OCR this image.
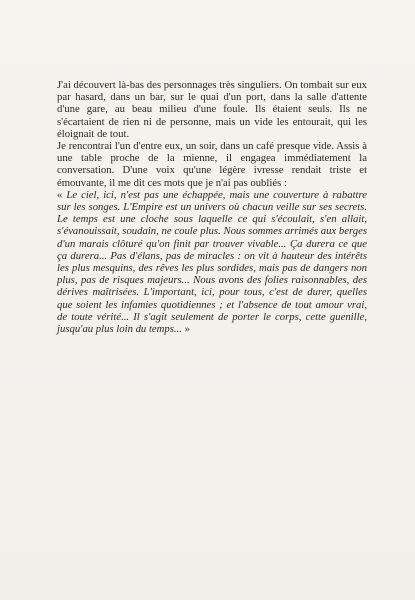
J'ai découvert là-bas des personnages très singuliers. On tombait sur eux par hasard, dans un bar, sur le quai d'un port, dans la salle d'attente d'une gare, au beau milieu d'une foule. Ils étaient seuls. Ils ne s'écartaient de rien ni de personne, mais un vide les entourait, qui les éloignait de tout.

Je rencontrai l'un d'entre eux, un soir, dans un café presque vide. Assis à une table proche de la mienne, il engagea immédiatement la conversation. D'une voix qu'une légère ivresse rendait triste et émouvante, il me dit ces mots que je n'ai pas oubliés :

« Le ciel, ici, n'est pas une échappée, mais une couverture à rabattre sur les songes. L'Empire est un univers où chacun veille sur ses secrets. Le temps est une cloche sous laquelle ce qui s'écoulait, s'en allait, s'évanouissait, soudain, ne coule plus. Nous sommes arrimés aux berges d'un marais clôturé qu'on finit par trouver vivable... Ça durera ce que ça durera... Pas d'élans, pas de miracles : on vit à hauteur des intérêts les plus mesquins, des rêves les plus sordides, mais pas de dangers non plus, pas de risques majeurs... Nous avons des folies raisonnables, des dérives maîtrisées. L'important, ici, pour tous, c'est de durer, quelles que soient les infamies quotidiennes ; et l'absence de tout amour vrai, de toute vérité... Il s'agit seulement de porter le corps, cette guenille, jusqu'au plus loin du temps... »
